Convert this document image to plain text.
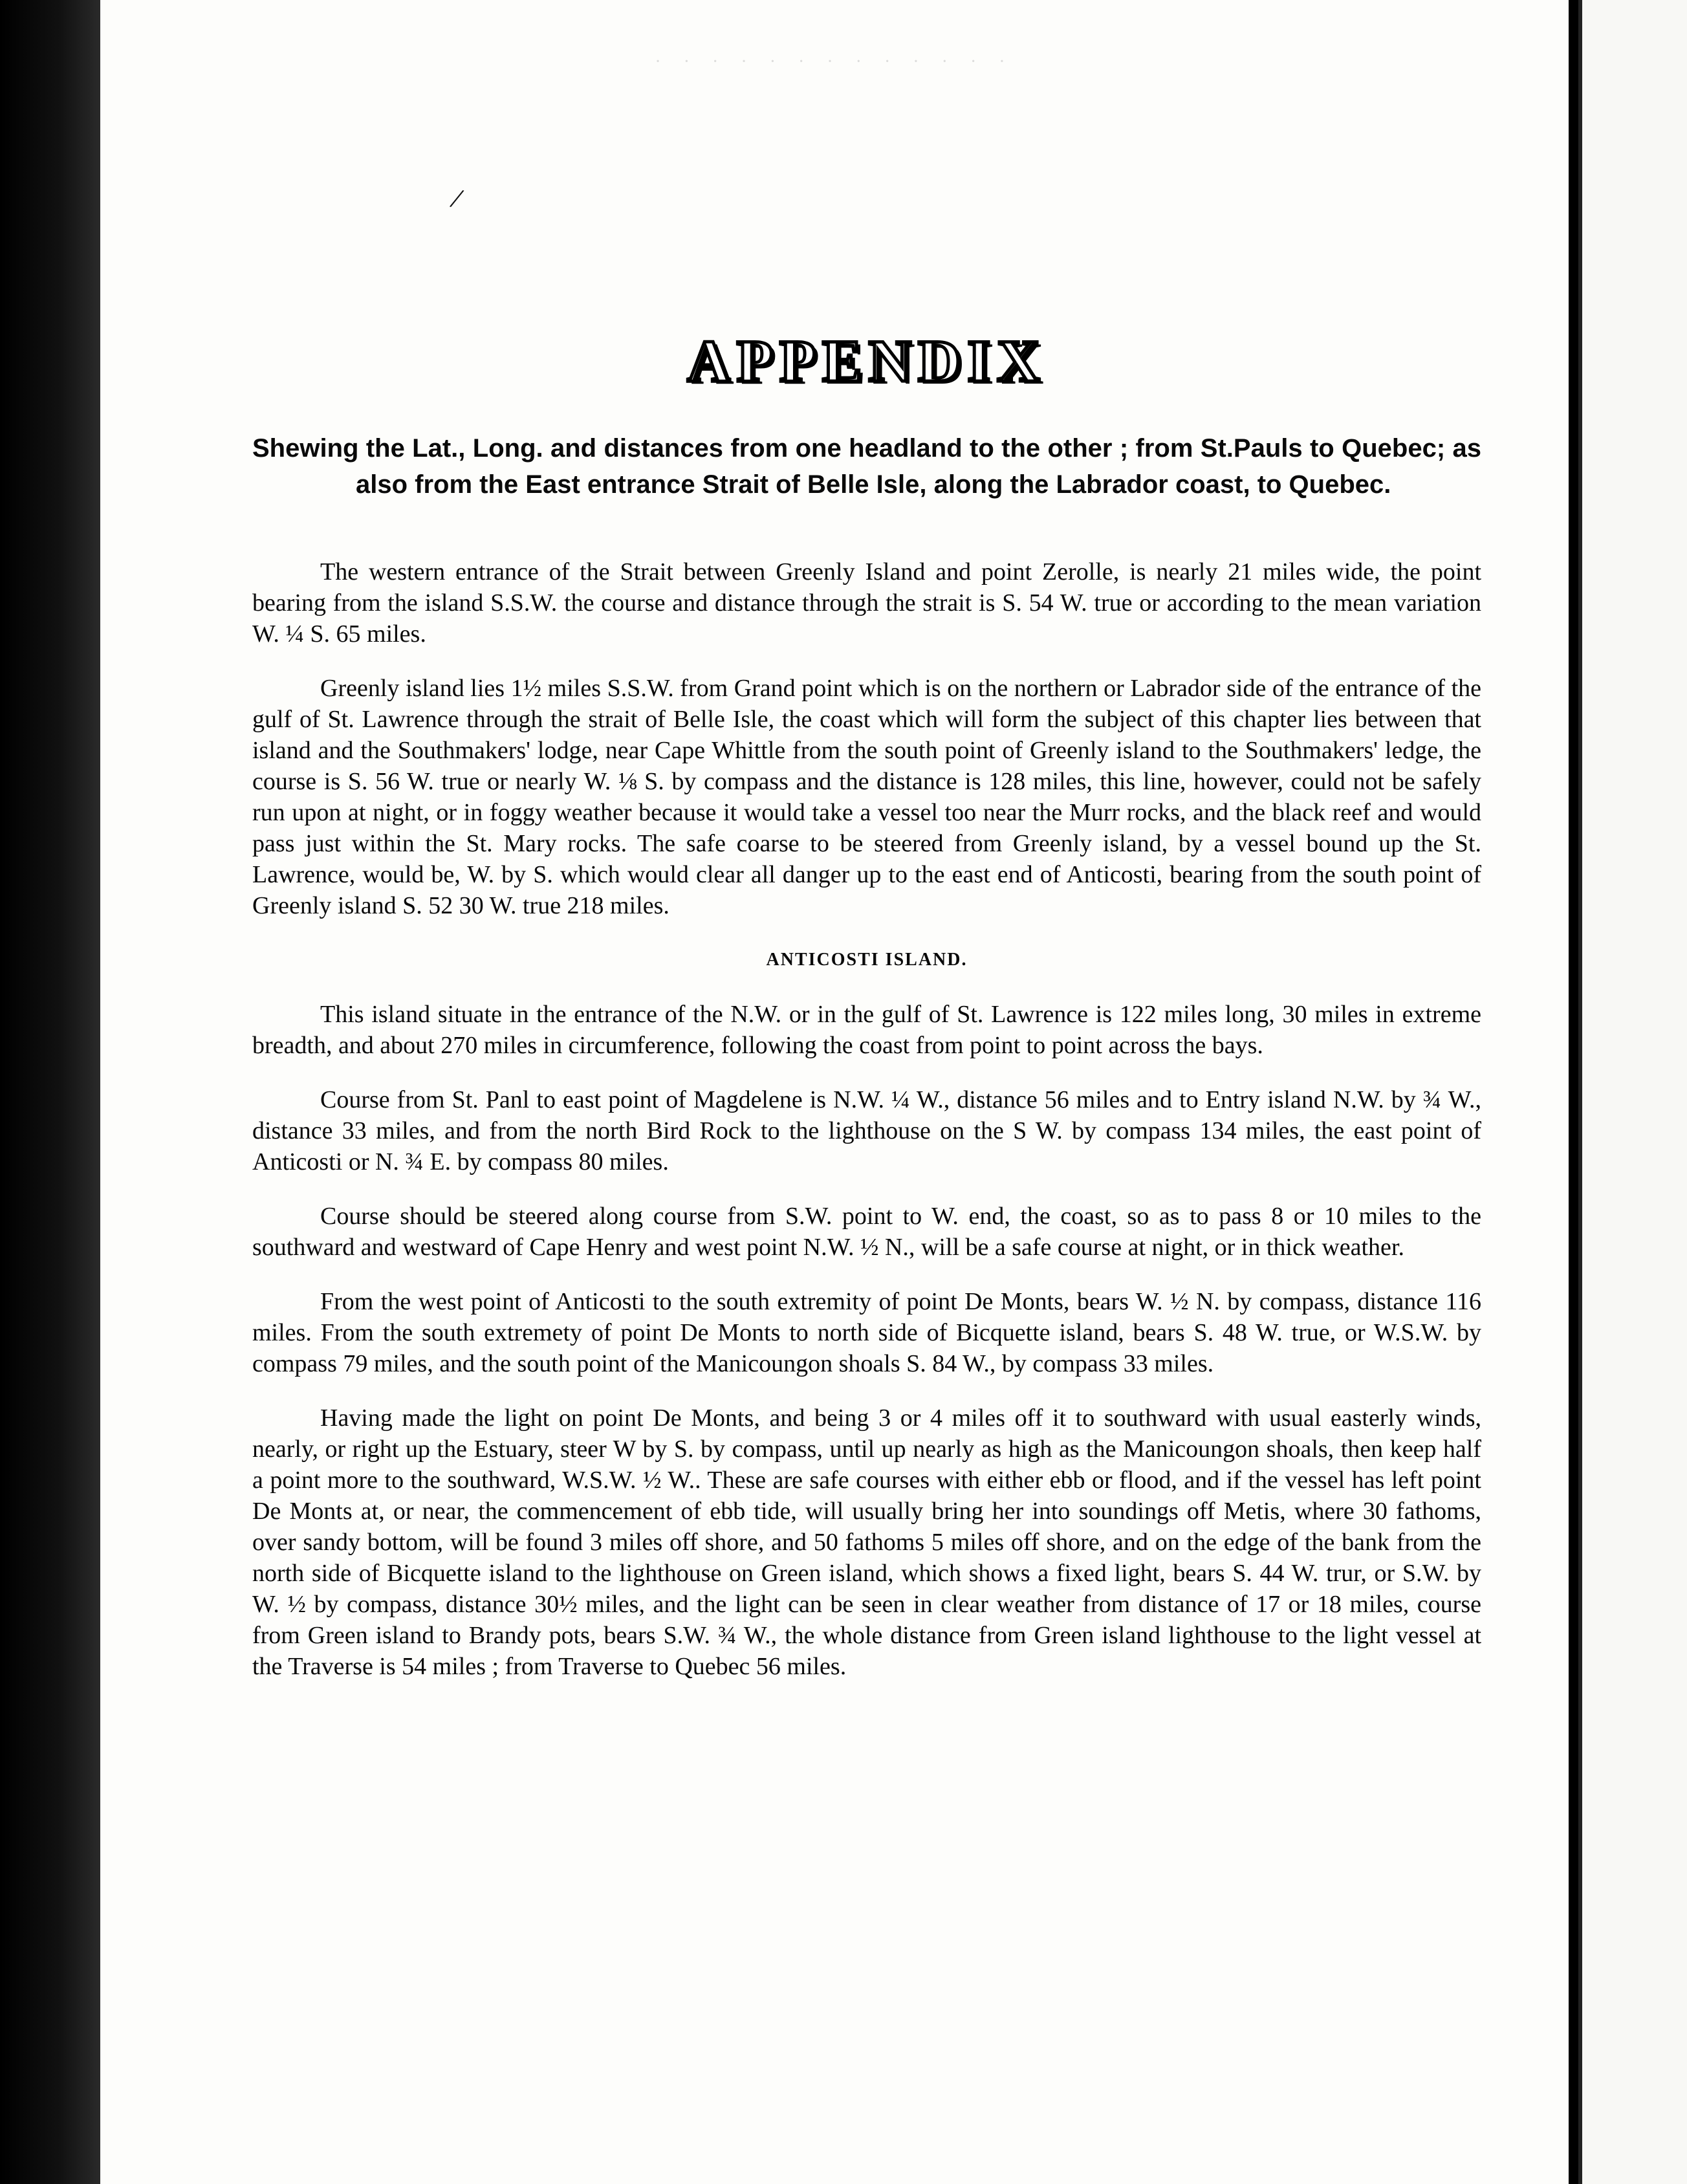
· · · · · · · · · · · · ·
/
APPENDIX
Shewing the Lat., Long. and distances from one headland to the other ; from St.Pauls to Quebec; as also from the East entrance Strait of Belle Isle, along the Labrador coast, to Quebec.

The western entrance of the Strait between Greenly Island and point Zerolle, is nearly 21 miles wide, the point bearing from the island S.S.W. the course and distance through the strait is S. 54 W. true or according to the mean variation W. ¼ S. 65 miles.

Greenly island lies 1½ miles S.S.W. from Grand point which is on the northern or Labrador side of the entrance of the gulf of St. Lawrence through the strait of Belle Isle, the coast which will form the subject of this chapter lies between that island and the Southmakers' lodge, near Cape Whittle from the south point of Greenly island to the Southmakers' ledge, the course is S. 56 W. true or nearly W. ⅛ S. by compass and the distance is 128 miles, this line, however, could not be safely run upon at night, or in foggy weather because it would take a vessel too near the Murr rocks, and the black reef and would pass just within the St. Mary rocks. The safe coarse to be steered from Greenly island, by a vessel bound up the St. Lawrence, would be, W. by S. which would clear all danger up to the east end of Anticosti, bearing from the south point of Greenly island S. 52 30 W. true 218 miles.

ANTICOSTI ISLAND.

This island situate in the entrance of the N.W. or in the gulf of St. Lawrence is 122 miles long, 30 miles in extreme breadth, and about 270 miles in circumference, following the coast from point to point across the bays.

Course from St. Panl to east point of Magdelene is N.W. ¼ W., distance 56 miles and to Entry island N.W. by ¾ W., distance 33 miles, and from the north Bird Rock to the lighthouse on the S W. by compass 134 miles, the east point of Anticosti or N. ¾ E. by compass 80 miles.

Course should be steered along course from S.W. point to W. end, the coast, so as to pass 8 or 10 miles to the southward and westward of Cape Henry and west point N.W. ½ N., will be a safe course at night, or in thick weather.

From the west point of Anticosti to the south extremity of point De Monts, bears W. ½ N. by compass, distance 116 miles. From the south extremety of point De Monts to north side of Bicquette island, bears S. 48 W. true, or W.S.W. by compass 79 miles, and the south point of the Manicoungon shoals S. 84 W., by compass 33 miles.

Having made the light on point De Monts, and being 3 or 4 miles off it to southward with usual easterly winds, nearly, or right up the Estuary, steer W by S. by compass, until up nearly as high as the Manicoungon shoals, then keep half a point more to the southward, W.S.W. ½ W.. These are safe courses with either ebb or flood, and if the vessel has left point De Monts at, or near, the commencement of ebb tide, will usually bring her into soundings off Metis, where 30 fathoms, over sandy bottom, will be found 3 miles off shore, and 50 fathoms 5 miles off shore, and on the edge of the bank from the north side of Bicquette island to the lighthouse on Green island, which shows a fixed light, bears S. 44 W. trur, or S.W. by W. ½ by compass, distance 30½ miles, and the light can be seen in clear weather from distance of 17 or 18 miles, course from Green island to Brandy pots, bears S.W. ¾ W., the whole distance from Green island lighthouse to the light vessel at the Traverse is 54 miles ; from Traverse to Quebec 56 miles.
